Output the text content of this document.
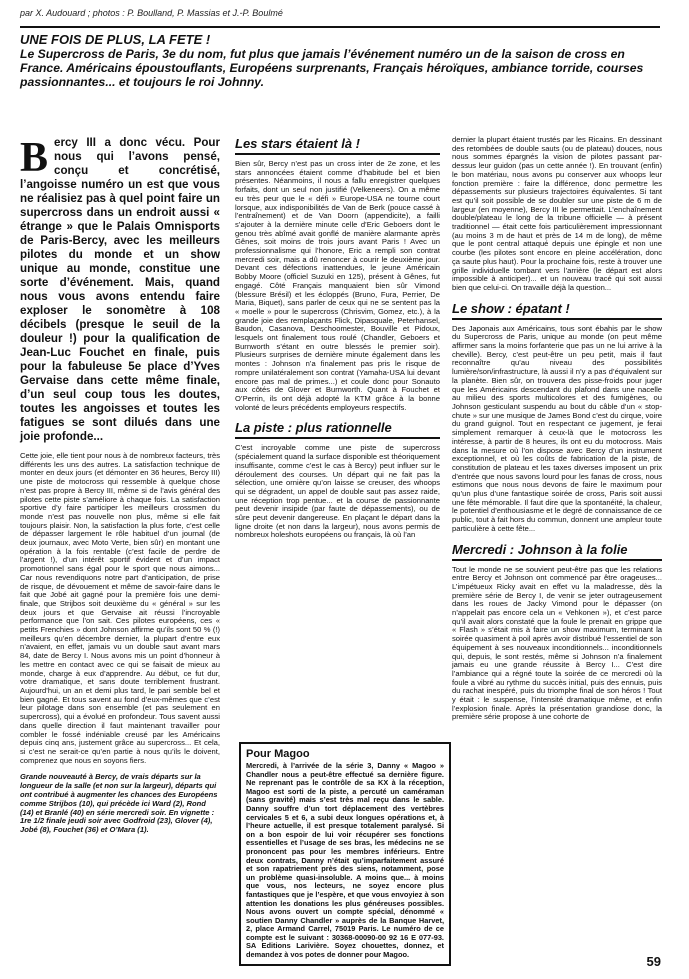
par X. Audouard ; photos : P. Boulland, P. Massias et J.-P. Boulmé
UNE FOIS DE PLUS, LA FETE !
Le Supercross de Paris, 3e du nom, fut plus que jamais l’événement numéro un de la saison de cross en France. Américains époustouflants, Européens surprenants, Français héroïques, ambiance torride, courses passionnantes... et toujours le roi Johnny.

Bercy III a donc vécu. Pour nous qui l’avons pensé, conçu et concrétisé, l’angoisse numéro un est que vous ne réalisiez pas à quel point faire un supercross dans un endroit aussi « étrange » que le Palais Omnisports de Paris-Bercy, avec les meilleurs pilotes du monde et un show unique au monde, constitue une sorte d’événement. Mais, quand nous vous avons entendu faire exploser le sonomètre à 108 décibels (presque le seuil de la douleur !) pour la qualification de Jean-Luc Fouchet en finale, puis pour la fabuleuse 5e place d’Yves Gervaise dans cette même finale, d’un seul coup tous les doutes, toutes les angoisses et toutes les fatigues se sont dilués dans une joie profonde...

Cette joie, elle tient pour nous à de nombreux facteurs, très différents les uns des autres. La satisfaction technique de monter en deux jours (et démonter en 36 heures, Bercy III) une piste de motocross qui ressemble à quelque chose n’est pas propre à Bercy III, même si de l’avis général des pilotes cette piste s’améliore à chaque fois. La satisfaction sportive d’y faire participer les meilleurs crossmen du monde n’est pas nouvelle non plus, même si elle fait toujours plaisir. Non, la satisfaction la plus forte, c’est celle de dépasser largement le rôle habituel d’un journal (de deux journaux, avec Moto Verte, bien sûr) en montant une opération à la fois rentable (c’est facile de perdre de l’argent !), d’un intérêt sportif évident et d’un impact promotionnel sans égal pour le sport que nous aimons... Car nous revendiquons notre part d’anticipation, de prise de risque, de dévouement et même de savoir-faire dans le fait que Jobé ait gagné pour la première fois une demi-finale, que Strijbos soit deuxième du « général » sur les deux jours et que Gervaise ait réussi l’incroyable performance que l’on sait. Ces pilotes européens, ces « petits Frenchies » dont Johnson affirme qu’ils sont 50 % (!) meilleurs qu’en décembre dernier, la plupart d’entre eux n’avaient, en effet, jamais vu un double saut avant mars 84, date de Bercy I. Nous avons mis un point d’honneur à les mettre en contact avec ce qui se faisait de mieux au monde, charge à eux d’apprendre. Au début, ce fut dur, votre dramatique, et sans doute terriblement frustrant. Aujourd’hui, un an et demi plus tard, le pari semble bel et bien gagné. Et tous savent au fond d’eux-mêmes que c’est leur pilotage dans son ensemble (et pas seulement en supercross), qui a évolué en profondeur. Tous savent aussi dans quelle direction il faut maintenant travailler pour combler le fossé indéniable creusé par les Américains depuis cinq ans, justement grâce au supercross... Et cela, si c’est ne serait-ce qu’en partie à nous qu’ils le doivent, comprenez que nous en soyons fiers.

Grande nouveauté à Bercy, de vrais départs sur la longueur de la salle (et non sur la largeur), départs qui ont contribué à augmenter les chances des Européens comme Strijbos (10), qui précède ici Ward (2), Rond (14) et Branlé (40) en série mercredi soir. En vignette : 1re 1/2 finale jeudi soir avec Godfroid (23), Glover (4), Jobé (8), Fouchet (36) et O’Mara (1).

Les stars étaient là !

Bien sûr, Bercy n’est pas un cross inter de 2e zone, et les stars annoncées étaient comme d’habitude bel et bien présentes. Néanmoins, il nous a fallu enregistrer quelques forfaits, dont un seul non justifié (Velkeneers). On a même eu très peur que le « défi » Europe-USA ne tourne court lorsque, aux indisponibilités de Van de Berk (pouce cassé à l’entraînement) et de Van Doorn (appendicite), a failli s’ajouter à la dernière minute celle d’Eric Geboers dont le genou très abîmé avait gonflé de manière alarmante après Gênes, soit moins de trois jours avant Paris ! Avec un professionnalisme qui l’honore, Eric a rempli son contrat mercredi soir, mais a dû renoncer à courir le deuxième jour. Devant ces défections inattendues, le jeune Américain Bobby Moore (officiel Suzuki en 125), présent à Gênes, fut engagé. Côté Français manquaient bien sûr Vimond (blessure Brésil) et les écloppés (Bruno, Fura, Perrier, De Maria, Biquet), sans parler de ceux qui ne se sentent pas la « moelle » pour le supercross (Chrisvim, Gomez, etc.), à la grande joie des remplaçants Flick, Dipasquale, Peterhansel, Baudon, Casanova, Deschoomester, Bouville et Pidoux, lesquels ont finalement tous roulé (Chandler, Geboers et Burnworth s’étant en outre blessés le premier soir). Plusieurs surprises de dernière minute également dans les montes : Johnson n’a finalement pas pris le risque de rompre unilatéralement son contrat (Yamaha-USA lui devant encore pas mal de primes...) et coule donc pour Sonauto aux côtés de Glover et Burnworth. Quant à Fouchet et O’Perrin, ils ont déjà adopté la KTM grâce à la bonne volonté de leurs précédents employeurs respectifs.

La piste : plus rationnelle

C’est incroyable comme une piste de supercross (spécialement quand la surface disponible est théoriquement insuffisante, comme c’est le cas à Bercy) peut influer sur le déroulement des courses. Un départ qui ne fait pas la sélection, une ornière qu’on laisse se creuser, des whoops qui se dégradent, un appel de double saut pas assez raide, une réception trop pentue... et la course de passionnante peut devenir insipide (par faute de dépassements), ou de sûre peut devenir dangereuse. En plaçant le départ dans la ligne droite (et non dans la largeur), nous avons permis de nombreux holeshots européens ou français, là où l’an

Pour Magoo

Mercredi, à l’arrivée de la série 3, Danny « Magoo » Chandler nous a peut-être effectué sa dernière figure. Ne reprenant pas le contrôle de sa KX à la réception, Magoo est sorti de la piste, a percuté un caméraman (sans gravité) mais s’est très mal reçu dans le sable. Danny souffre d’un tort déplacement des vertèbres cervicales 5 et 6, a subi deux longues opérations et, à l’heure actuelle, il est presque totalement paralysé. Si on a bon espoir de lui voir récupérer ses fonctions essentielles et l’usage de ses bras, les médecins ne se prononcent pas pour les membres inférieurs. Entre deux contrats, Danny n’était qu’imparfaitement assuré et son rapatriement près des siens, notamment, pose un problème quasi-insoluble. A moins que... à moins que vous, nos lecteurs, ne soyez encore plus fantastiques que je l’espère, et que vous envoyiez à son attention les donations les plus généreuses possibles. Nous avons ouvert un compte spécial, dénommé « soutien Danny Chandler » auprès de la Banque Harvet, 2, place Armand Carrel, 75019 Paris. Le numéro de ce compte est le suivant : 30368-00090-00 92 16 E 077-93. SA Editions Larivière. Soyez chouettes, donnez, et demandez à vos potes de donner pour Magoo.

dernier la plupart étaient trustés par les Ricains. En dessinant des retombées de double sauts (ou de plateau) douces, nous nous sommes épargnés la vision de pilotes passant par-dessus leur guidon (pas un cette année !). En trouvant (enfin) le bon matériau, nous avons pu conserver aux whoops leur fonction première : faire la différence, donc permettre les dépassements sur plusieurs trajectoires équivalentes. Si tant est qu’il soit possible de se doubler sur une piste de 6 m de largeur (en moyenne), Bercy III le permettait. L’enchaînement double/plateau le long de la tribune officielle — à présent traditionnel — était cette fois particulièrement impressionnant (au moins 3 m de haut et près de 14 m de long), de même que le pont central attaqué depuis une épingle et non une courbe (les pilotes sont encore en pleine accélération, donc ça saute plus haut). Pour la prochaine fois, reste à trouver une grille individuelle tombant vers l’arrière (le départ est alors impossible à anticiper)... et un nouveau tracé qui soit aussi bien que celui-ci. On travaille déjà la question...

Le show : épatant !

Des Japonais aux Américains, tous sont ébahis par le show du Supercross de Paris, unique au monde (on peut même affirmer sans la moins forfanterie que pas un ne lui arrive à la cheville). Bercy, c’est peut-être un peu petit, mais il faut reconnaître qu’au niveau des possibilités lumière/son/infrastructure, là aussi il n’y a pas d’équivalent sur la planète. Bien sûr, on trouvera des pisse-froids pour juger que les Américains descendant du plafond dans une nacelle au milieu des sports multicolores et des fumigènes, ou Johnson gesticulant suspendu au bout du câble d’un « stop-chute » sur une musique de James Bond c’est du cirque, voire du grand guignol. Tout en respectant ce jugement, je ferai simplement remarquer à ceux-là que le motocross les intéresse, à partir de 8 heures, ils ont eu du motocross. Mais dans la mesure où l’on dispose avec Bercy d’un instrument exceptionnel, et où les coûts de fabrication de la piste, de constitution de plateau et les taxes diverses imposent un prix d’entrée que nous savons lourd pour les fanas de cross, nous estimons que nous nous devons de faire le maximum pour qu’un plus d’une fantastique soirée de cross, Paris soit aussi une fête mémorable. Il faut dire que la spontanéité, la chaleur, le potentiel d’enthousiasme et le degré de connaissance de ce public, tout à fait hors du commun, donnent une ampleur toute particulière à cette fête...

Mercredi : Johnson à la folie

Tout le monde ne se souvient peut-être pas que les relations entre Bercy et Johnson ont commencé par être orageuses... L’impétueux Ricky avait en effet vu la maladresse, dès la première série de Bercy I, de venir se jeter outrageusement dans les roues de Jacky Vimond pour le dépasser (on n’appelait pas encore cela un « Vehkonen »), et c’est parce qu’il avait alors constaté que la foule le prenait en grippe que « Flash » s’était mis à faire un show maximum, terminant la soirée quasiment à poil après avoir distribué l’essentiel de son équipement à ses nouveaux inconditionnels... inconditionnels qui, depuis, le sont restés, même si Johnson n’a finalement jamais eu une grande réussite à Bercy I... C’est dire l’ambiance qui a régné toute la soirée de ce mercredi où la foule a vibré au rythme du succès initial, puis des ennuis, puis du rachat inespéré, puis du triomphe final de son héros ! Tout y était : le suspense, l’intensité dramatique même, et enfin l’explosion finale. Après la présentation grandiose donc, la première série propose à une cohorte de

59
